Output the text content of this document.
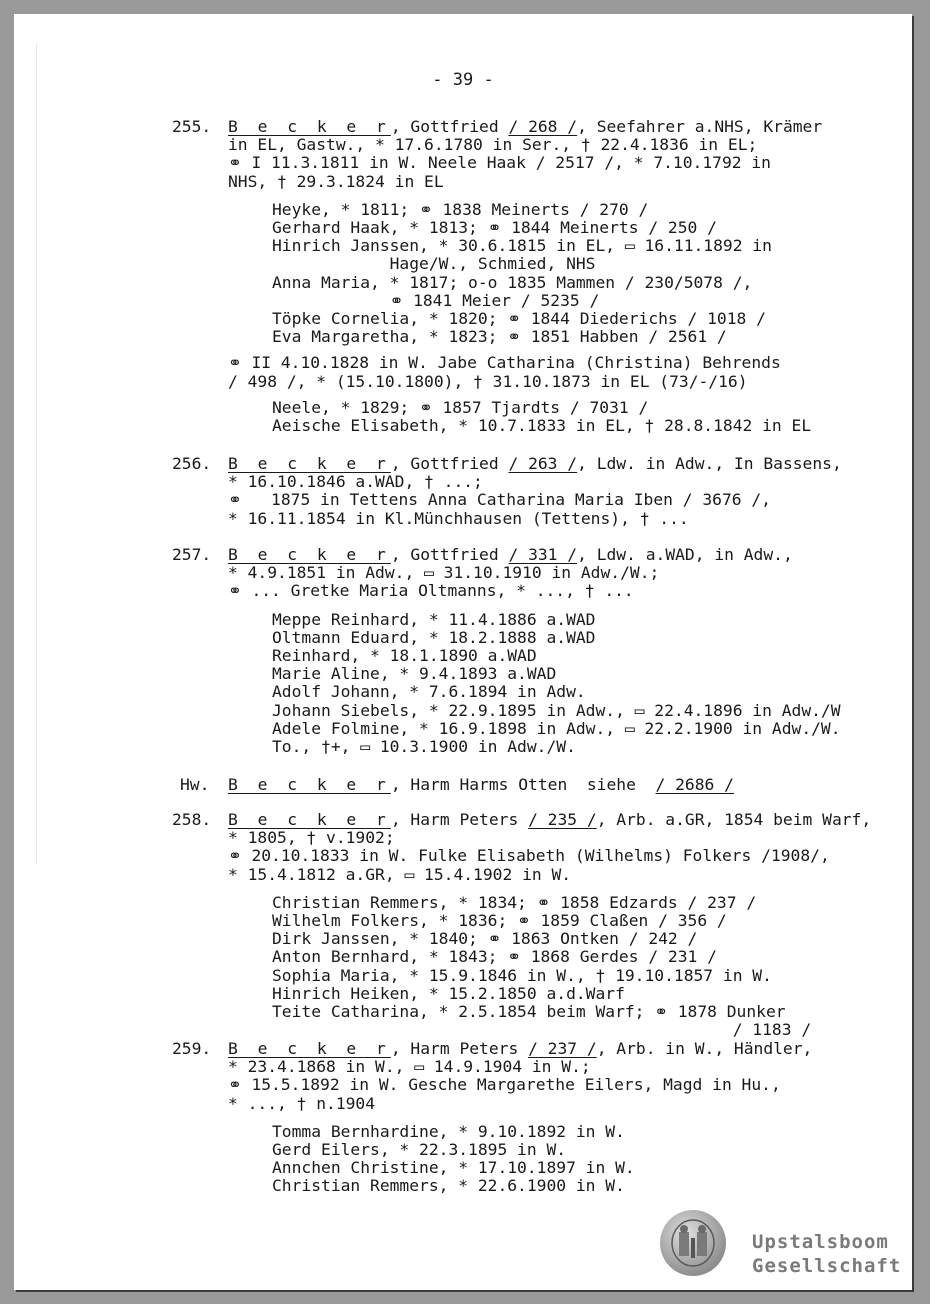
- 39 -
255. B e c k e r, Gottfried / 268 /, Seefahrer a.NHS, Krämer
in EL, Gastw., * 17.6.1780 in Ser., † 22.4.1836 in EL;
⚭ I 11.3.1811 in W. Neele Haak / 2517 /, * 7.10.1792 in
NHS, † 29.3.1824 in EL
Heyke, * 1811; ⚭ 1838 Meinerts / 270 /
Gerhard Haak, * 1813; ⚭ 1844 Meinerts / 250 /
Hinrich Janssen, * 30.6.1815 in EL, ▭ 16.11.1892 in
Hage/W., Schmied, NHS
Anna Maria, * 1817; o-o 1835 Mammen / 230/5078 /,
⚭ 1841 Meier / 5235 /
Töpke Cornelia, * 1820; ⚭ 1844 Diederichs / 1018 /
Eva Margaretha, * 1823; ⚭ 1851 Habben / 2561 /
⚭ II 4.10.1828 in W. Jabe Catharina (Christina) Behrends
/ 498 /, * (15.10.1800), † 31.10.1873 in EL (73/-/16)
Neele, * 1829; ⚭ 1857 Tjardts / 7031 /
Aeische Elisabeth, * 10.7.1833 in EL, † 28.8.1842 in EL
256. B e c k e r, Gottfried / 263 /, Ldw. in Adw., In Bassens,
* 16.10.1846 a.WAD, † ...;
⚭   1875 in Tettens Anna Catharina Maria Iben / 3676 /,
* 16.11.1854 in Kl.Münchhausen (Tettens), † ...
257. B e c k e r, Gottfried / 331 /, Ldw. a.WAD, in Adw.,
* 4.9.1851 in Adw., ▭ 31.10.1910 in Adw./W.;
⚭ ... Gretke Maria Oltmanns, * ..., † ...
Meppe Reinhard, * 11.4.1886 a.WAD
Oltmann Eduard, * 18.2.1888 a.WAD
Reinhard, * 18.1.1890 a.WAD
Marie Aline, * 9.4.1893 a.WAD
Adolf Johann, * 7.6.1894 in Adw.
Johann Siebels, * 22.9.1895 in Adw., ▭ 22.4.1896 in Adw./W
Adele Folmine, * 16.9.1898 in Adw., ▭ 22.2.1900 in Adw./W.
To., †+, ▭ 10.3.1900 in Adw./W.
Hw. B e c k e r, Harm Harms Otten  siehe  / 2686 /
258. B e c k e r, Harm Peters / 235 /, Arb. a.GR, 1854 beim Warf,
* 1805, † v.1902;
⚭ 20.10.1833 in W. Fulke Elisabeth (Wilhelms) Folkers /1908/,
* 15.4.1812 a.GR, ▭ 15.4.1902 in W.
Christian Remmers, * 1834; ⚭ 1858 Edzards / 237 /
Wilhelm Folkers, * 1836; ⚭ 1859 Claßen / 356 /
Dirk Janssen, * 1840; ⚭ 1863 Ontken / 242 /
Anton Bernhard, * 1843; ⚭ 1868 Gerdes / 231 /
Sophia Maria, * 15.9.1846 in W., † 19.10.1857 in W.
Hinrich Heiken, * 15.2.1850 a.d.Warf
Teite Catharina, * 2.5.1854 beim Warf; ⚭ 1878 Dunker
/ 1183 /
259. B e c k e r, Harm Peters / 237 /, Arb. in W., Händler,
* 23.4.1868 in W., ▭ 14.9.1904 in W.;
⚭ 15.5.1892 in W. Gesche Margarethe Eilers, Magd in Hu.,
* ..., † n.1904
Tomma Bernhardine, * 9.10.1892 in W.
Gerd Eilers, * 22.3.1895 in W.
Annchen Christine, * 17.10.1897 in W.
Christian Remmers, * 22.6.1900 in W.
Upstalsboom
Gesellschaft
